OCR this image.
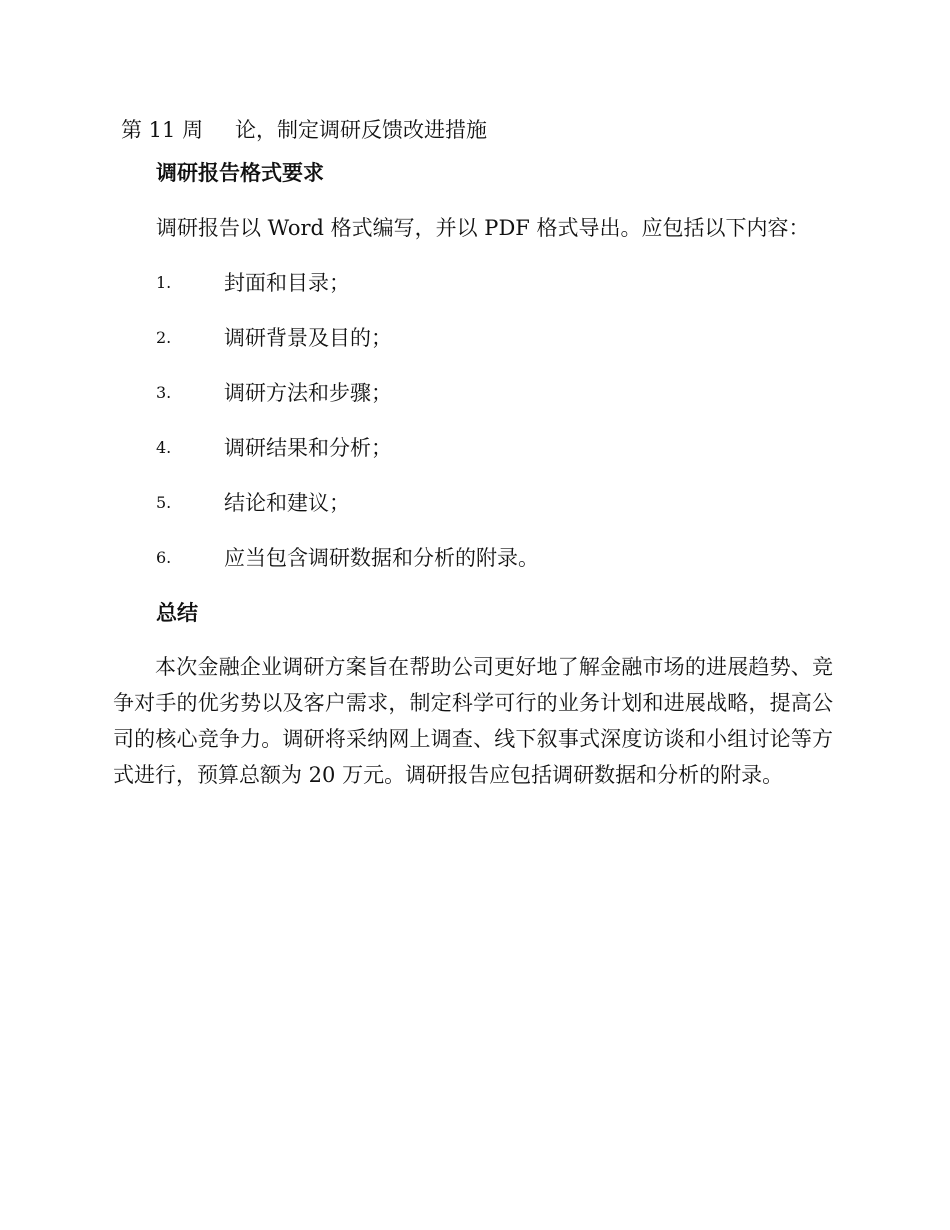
第 11 周 论，制定调研反馈改进措施
调研报告格式要求

调研报告以 Word 格式编写，并以 PDF 格式导出。应包括以下内容：

1.	封面和目录；
2.	调研背景及目的；
3.	调研方法和步骤；
4.	调研结果和分析；
5.	结论和建议；
6.	应当包含调研数据和分析的附录。
总结

本次金融企业调研方案旨在帮助公司更好地了解金融市场的进展趋势、竞争对手的优劣势以及客户需求，制定科学可行的业务计划和进展战略，提高公司的核心竞争力。调研将采纳网上调查、线下叙事式深度访谈和小组讨论等方式进行，预算总额为 20 万元。调研报告应包括调研数据和分析的附录。
